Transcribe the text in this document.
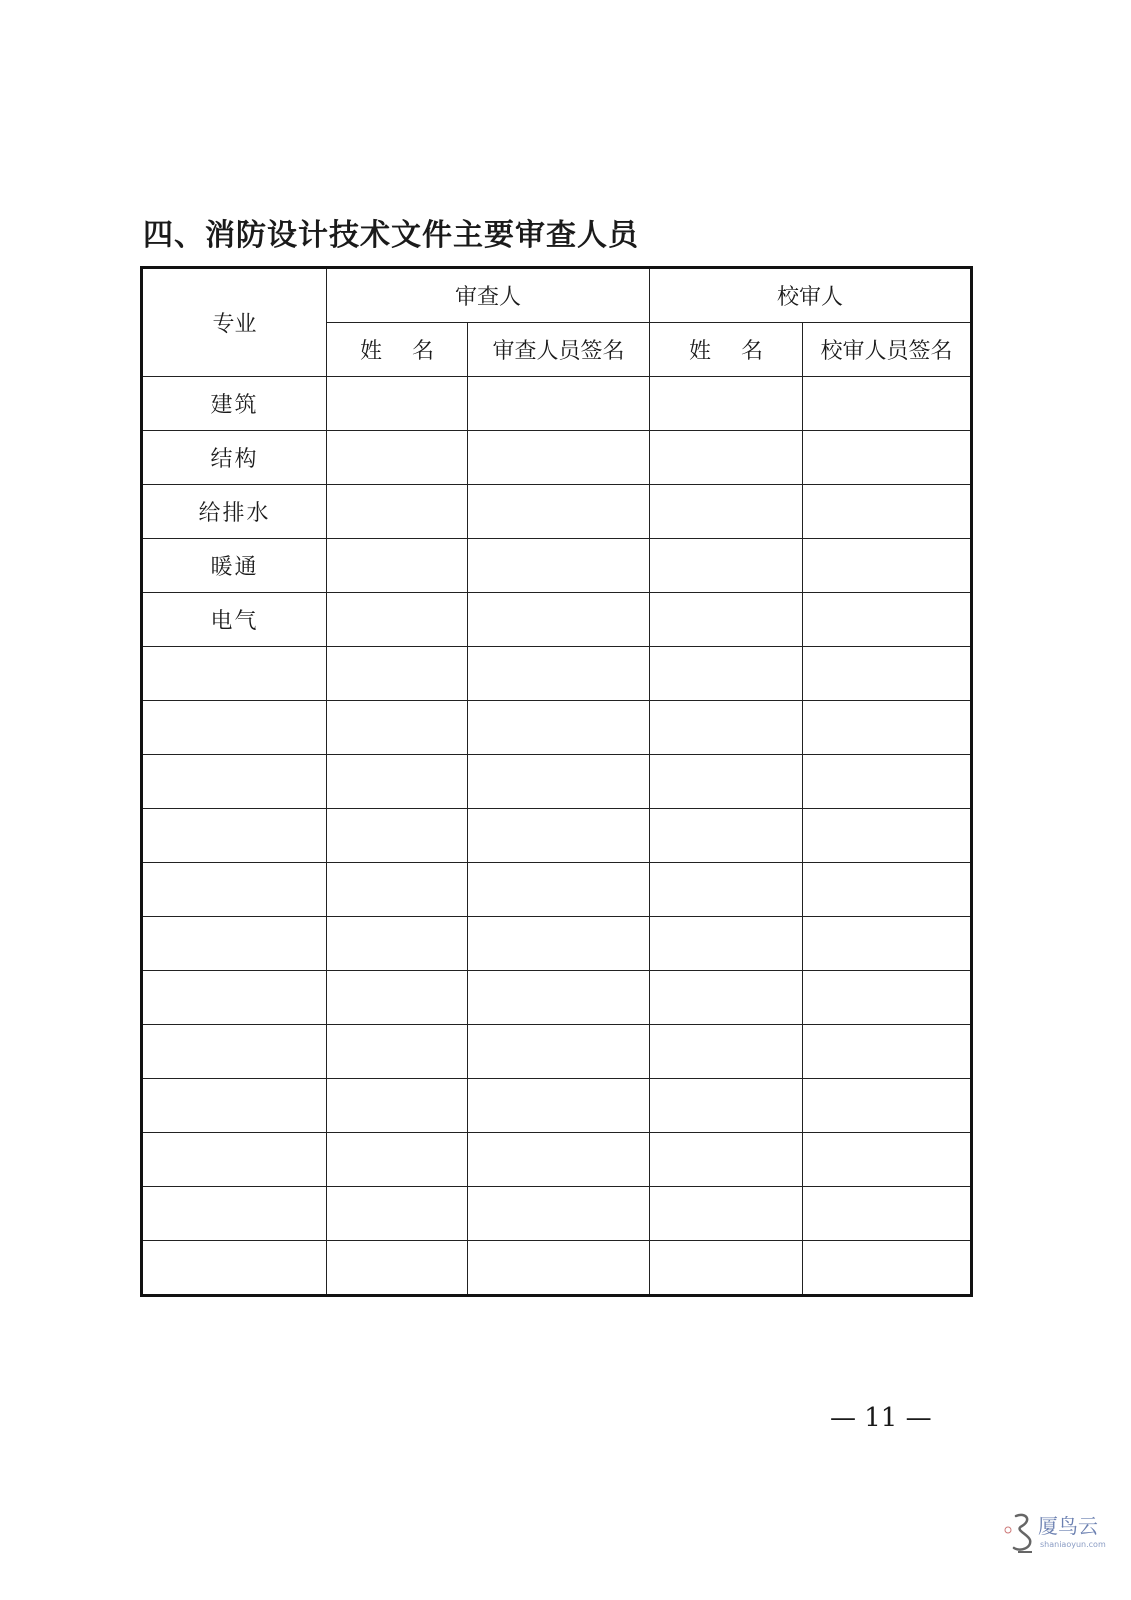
四、消防设计技术文件主要审查人员
专业	审查人		校审人	
	姓名	审查人员签名	姓名	校审人员签名
建筑				
结构				
给排水				
暖通				
电气				

— 11 —
厦鸟云
shaniaoyun.com
